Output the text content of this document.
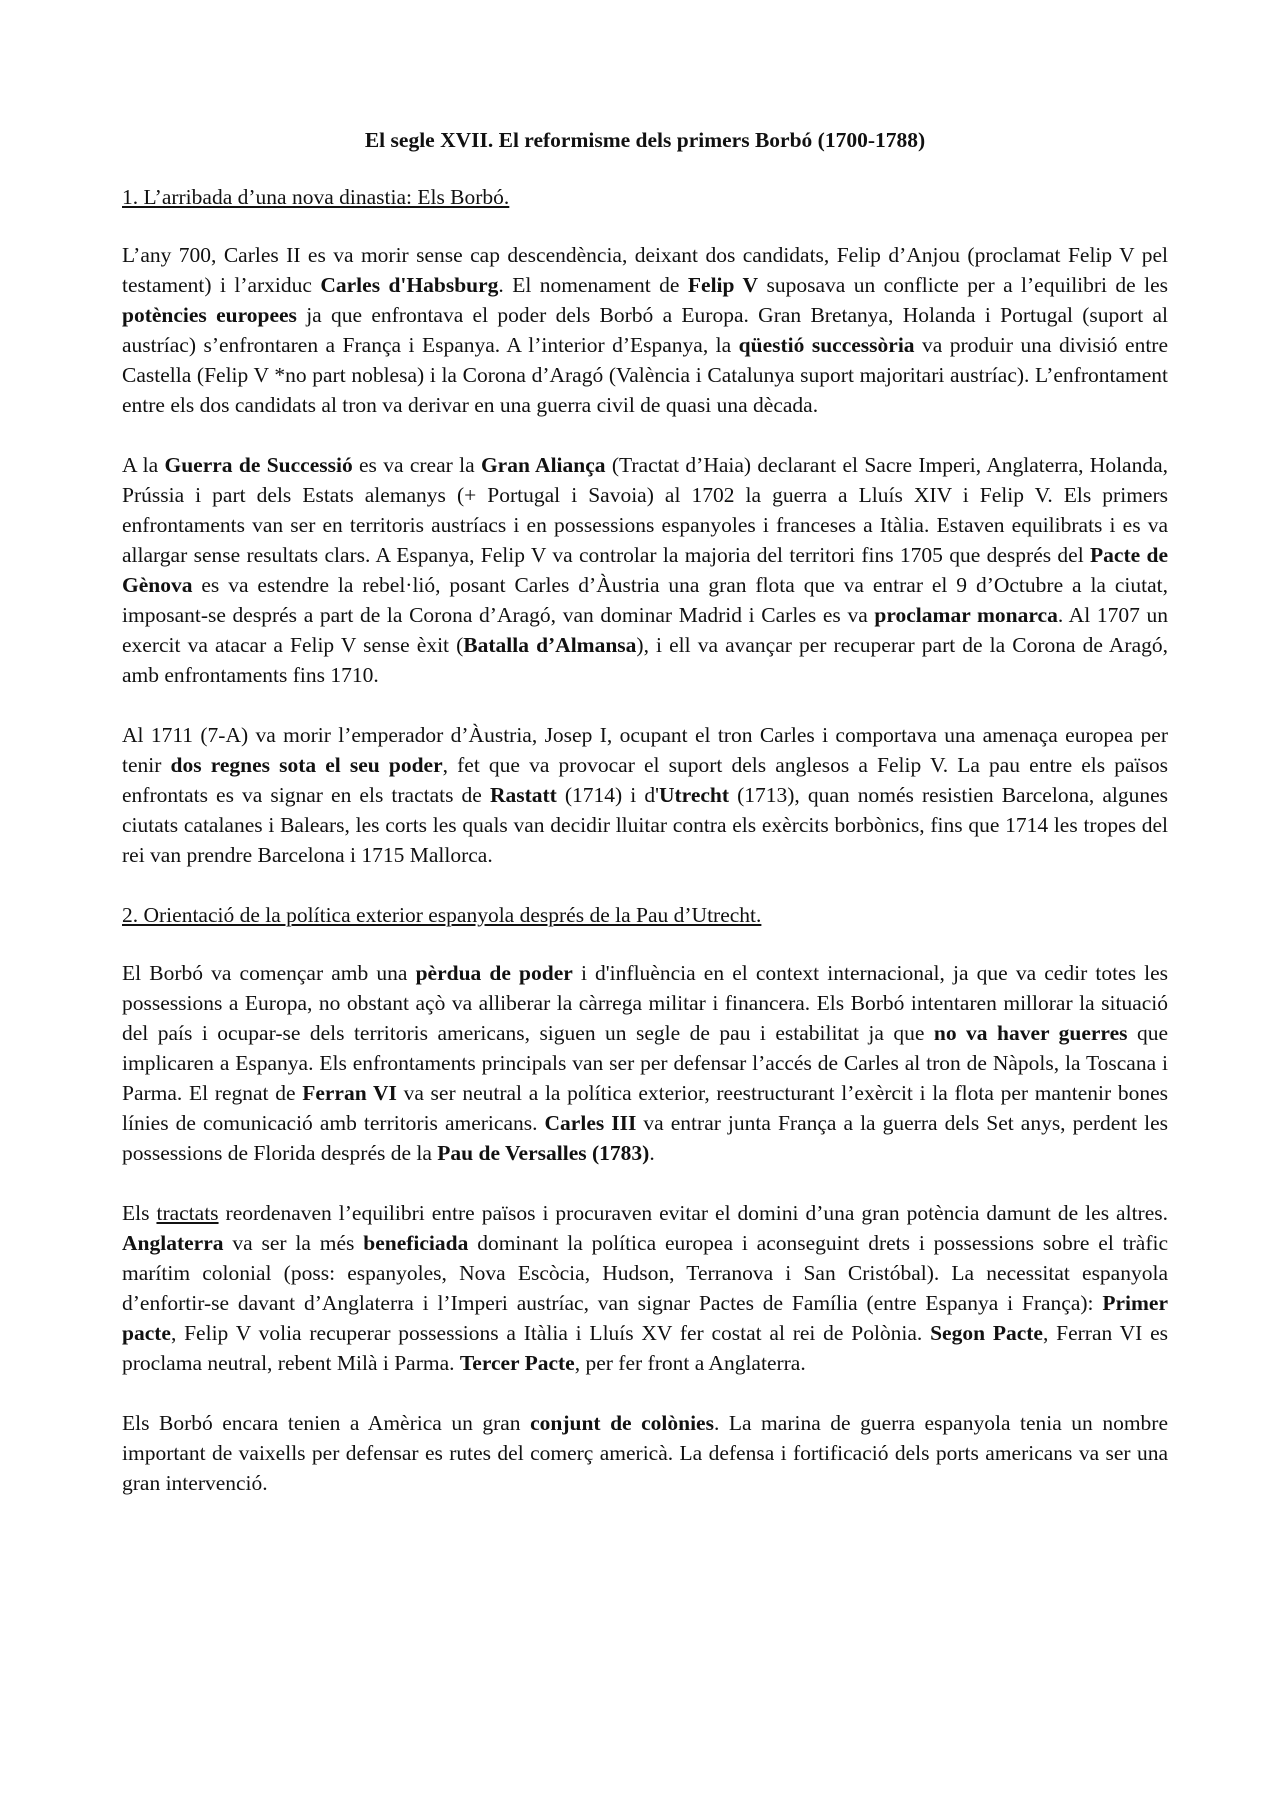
El segle XVII. El reformisme dels primers Borbó (1700-1788)
1. L’arribada d’una nova dinastia: Els Borbó.

L’any 700, Carles II es va morir sense cap descendència, deixant dos candidats, Felip d’Anjou (proclamat Felip V pel testament) i l’arxiduc Carles d'Habsburg. El nomenament de Felip V suposava un conflicte per a l’equilibri de les potències europees ja que enfrontava el poder dels Borbó a Europa. Gran Bretanya, Holanda i Portugal (suport al austríac) s’enfrontaren a França i Espanya. A l’interior d’Espanya, la qüestió successòria va produir una divisió entre Castella (Felip V *no part noblesa) i la Corona d’Aragó (València i Catalunya suport majoritari austríac). L’enfrontament entre els dos candidats al tron va derivar en una guerra civil de quasi una dècada.

A la Guerra de Successió es va crear la Gran Aliança (Tractat d’Haia) declarant el Sacre Imperi, Anglaterra, Holanda, Prússia i part dels Estats alemanys (+ Portugal i Savoia) al 1702 la guerra a Lluís XIV i Felip V. Els primers enfrontaments van ser en territoris austríacs i en possessions espanyoles i franceses a Itàlia. Estaven equilibrats i es va allargar sense resultats clars. A Espanya, Felip V va controlar la majoria del territori fins 1705 que després del Pacte de Gènova es va estendre la rebel·lió, posant Carles d’Àustria una gran flota que va entrar el 9 d’Octubre a la ciutat, imposant-se després a part de la Corona d’Aragó, van dominar Madrid i Carles es va proclamar monarca. Al 1707 un exercit va atacar a Felip V sense èxit (Batalla d’Almansa), i ell va avançar per recuperar part de la Corona de Aragó, amb enfrontaments fins 1710.

Al 1711 (7-A) va morir l’emperador d’Àustria, Josep I, ocupant el tron Carles i comportava una amenaça europea per tenir dos regnes sota el seu poder, fet que va provocar el suport dels anglesos a Felip V. La pau entre els països enfrontats es va signar en els tractats de Rastatt (1714) i d'Utrecht (1713), quan només resistien Barcelona, algunes ciutats catalanes i Balears, les corts les quals van decidir lluitar contra els exèrcits borbònics, fins que 1714 les tropes del rei van prendre Barcelona i 1715 Mallorca.

2. Orientació de la política exterior espanyola després de la Pau d’Utrecht.

El Borbó va començar amb una pèrdua de poder i d'influència en el context internacional, ja que va cedir totes les possessions a Europa, no obstant açò va alliberar la càrrega militar i financera. Els Borbó intentaren millorar la situació del país i ocupar-se dels territoris americans, siguen un segle de pau i estabilitat ja que no va haver guerres que implicaren a Espanya. Els enfrontaments principals van ser per defensar l’accés de Carles al tron de Nàpols, la Toscana i Parma. El regnat de Ferran VI va ser neutral a la política exterior, reestructurant l’exèrcit i la flota per mantenir bones línies de comunicació amb territoris americans. Carles III va entrar junta França a la guerra dels Set anys, perdent les possessions de Florida després de la Pau de Versalles (1783).

Els tractats reordenaven l’equilibri entre països i procuraven evitar el domini d’una gran potència damunt de les altres. Anglaterra va ser la més beneficiada dominant la política europea i aconseguint drets i possessions sobre el tràfic marítim colonial (poss: espanyoles, Nova Escòcia, Hudson, Terranova i San Cristóbal). La necessitat espanyola d’enfortir-se davant d’Anglaterra i l’Imperi austríac, van signar Pactes de Família (entre Espanya i França): Primer pacte, Felip V volia recuperar possessions a Itàlia i Lluís XV fer costat al rei de Polònia. Segon Pacte, Ferran VI es proclama neutral, rebent Milà i Parma. Tercer Pacte, per fer front a Anglaterra.

Els Borbó encara tenien a Amèrica un gran conjunt de colònies. La marina de guerra espanyola tenia un nombre important de vaixells per defensar es rutes del comerç americà. La defensa i fortificació dels ports americans va ser una gran intervenció.
